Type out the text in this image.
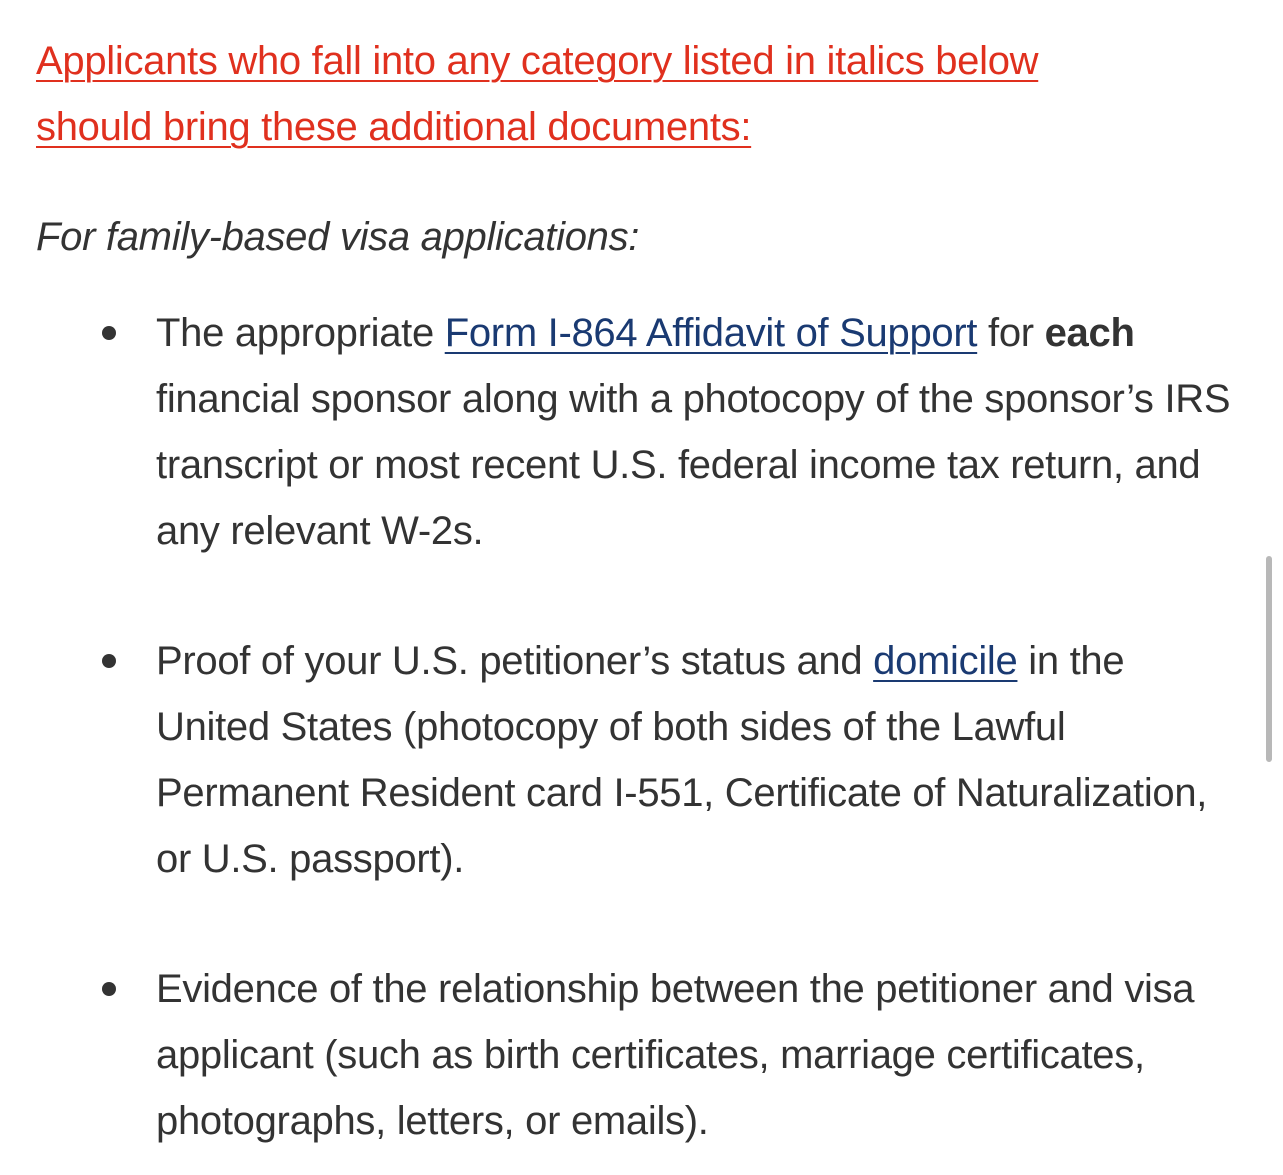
Applicants who fall into any category listed in italics below
should bring these additional documents:

For family-based visa applications:

The appropriate Form I-864 Affidavit of Support for each financial sponsor along with a photocopy of the sponsor’s IRS transcript or most recent U.S. federal income tax return, and any relevant W-2s.
Proof of your U.S. petitioner’s status and domicile in the United States (photocopy of both sides of the Lawful Permanent Resident card I-551, Certificate of Naturalization, or U.S. passport).
Evidence of the relationship between the petitioner and visa applicant (such as birth certificates, marriage certificates, photographs, letters, or emails).
